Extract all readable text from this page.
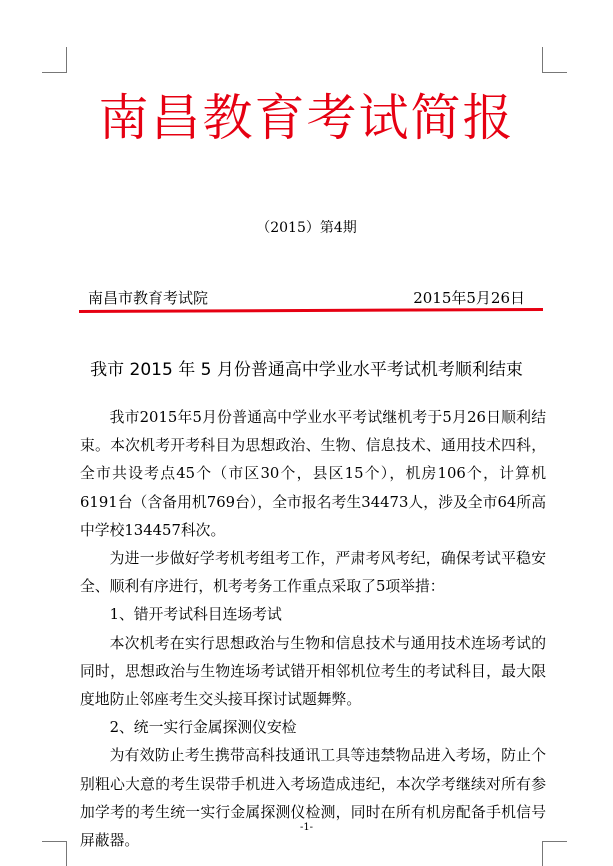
南昌教育考试简报
（2015）第4期
南昌市教育考试院	2015年5月26日
我市 2015 年 5 月份普通高中学业水平考试机考顺利结束

我市2015年5月份普通高中学业水平考试继机考于5月26日顺利结束。本次机考开考科目为思想政治、生物、信息技术、通用技术四科，全市共设考点45个（市区30个，县区15个），机房106个，计算机6191台（含备用机769台），全市报名考生34473人，涉及全市64所高中学校134457科次。

为进一步做好学考机考组考工作，严肃考风考纪，确保考试平稳安全、顺利有序进行，机考考务工作重点采取了5项举措：

1、错开考试科目连场考试

本次机考在实行思想政治与生物和信息技术与通用技术连场考试的同时，思想政治与生物连场考试错开相邻机位考生的考试科目，最大限度地防止邻座考生交头接耳探讨试题舞弊。

2、统一实行金属探测仪安检

为有效防止考生携带高科技通讯工具等违禁物品进入考场，防止个别粗心大意的考生误带手机进入考场造成违纪，本次学考继续对所有参加学考的考生统一实行金属探测仪检测，同时在所有机房配备手机信号屏蔽器。

-1-
